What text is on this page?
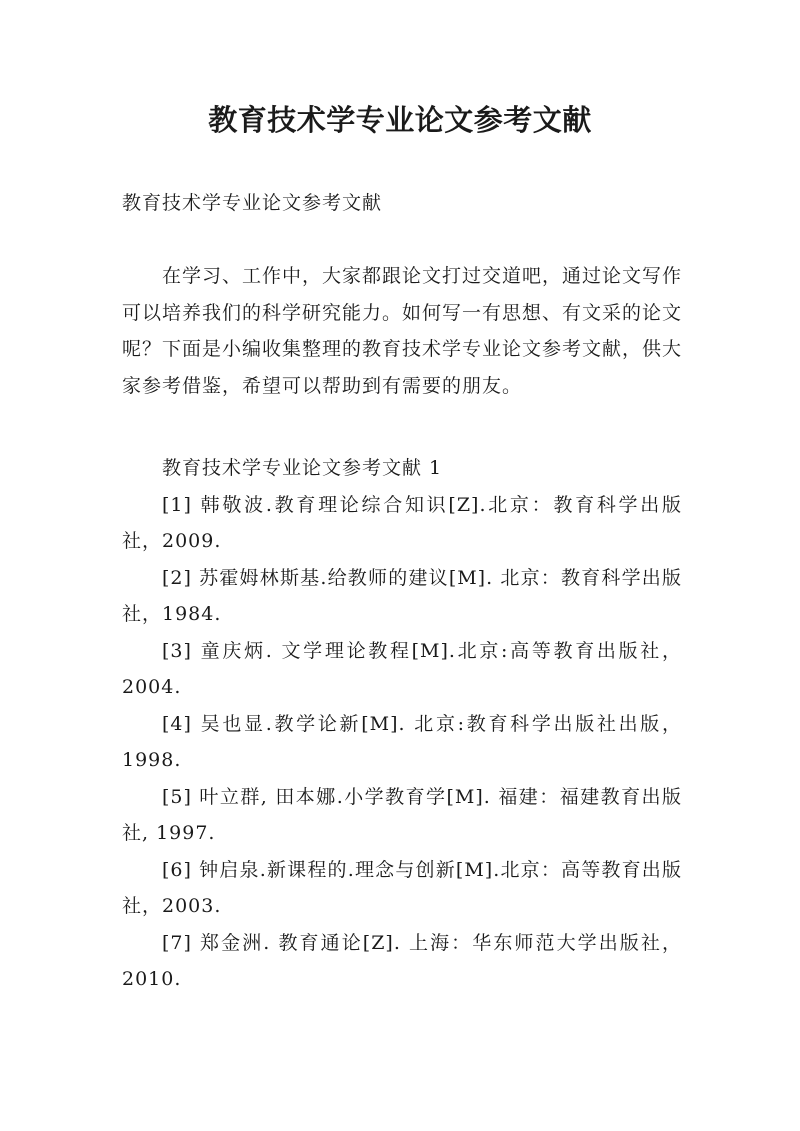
教育技术学专业论文参考文献

教育技术学专业论文参考文献

在学习、工作中，大家都跟论文打过交道吧，通过论文写作可以培养我们的科学研究能力。如何写一有思想、有文采的论文呢？下面是小编收集整理的教育技术学专业论文参考文献，供大家参考借鉴，希望可以帮助到有需要的朋友。

教育技术学专业论文参考文献 1

[1] 韩敬波.教育理论综合知识[Z].北京：教育科学出版社，2009.
[2] 苏霍姆林斯基.给教师的建议[M]. 北京：教育科学出版社，1984.
[3] 童庆炳. 文学理论教程[M].北京:高等教育出版社，2004.
[4] 吴也显.教学论新[M]. 北京:教育科学出版社出版，1998.
[5] 叶立群, 田本娜.小学教育学[M]. 福建：福建教育出版社, 1997.
[6] 钟启泉.新课程的.理念与创新[M].北京：高等教育出版社，2003.
[7] 郑金洲. 教育通论[Z]. 上海：华东师范大学出版社，2010.
